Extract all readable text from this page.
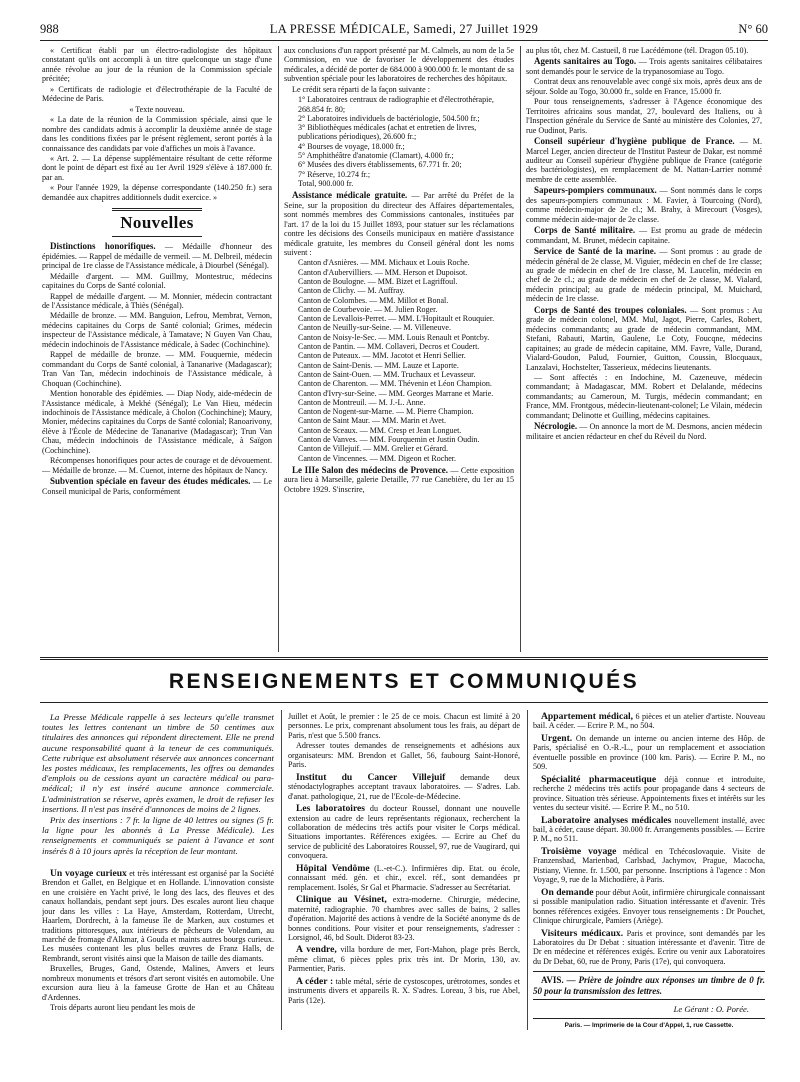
988	LA PRESSE MÉDICALE, Samedi, 27 Juillet 1929	N° 60

« Certificat établi par un électro-radiologiste des hôpitaux constatant qu'ils ont accompli à un titre quelconque un stage d'une année révolue au jour de la réunion de la Commission spéciale précitée;

» Certificats de radiologie et d'électrothérapie de la Faculté de Médecine de Paris.

« Texte nouveau.

« La date de la réunion de la Commission spéciale, ainsi que le nombre des candidats admis à accomplir la deuxième année de stage dans les conditions fixées par le présent règlement, seront portés à la connaissance des candidats par voie d'affiches un mois à l'avance.

« Art. 2. — La dépense supplémentaire résultant de cette réforme dont le point de départ est fixé au 1er Avril 1929 s'élève à 187.000 fr. par an.

« Pour l'année 1929, la dépense correspondante (140.250 fr.) sera demandée aux chapitres additionnels dudit exercice. »

Nouvelles

Distinctions honorifiques. — Médaille d'honneur des épidémies. — Rappel de médaille de vermeil. — M. Delbreil, médecin principal de 1re classe de l'Assistance médicale, à Diourbel (Sénégal).

Médaille d'argent. — MM. Guillmy, Montestruc, médecins capitaines du Corps de Santé colonial.

Rappel de médaille d'argent. — M. Monnier, médecin contractant de l'Assistance médicale, à Thiès (Sénégal).

Médaille de bronze. — MM. Banguion, Lefrou, Membrat, Vernon, médecins capitaines du Corps de Santé colonial; Grimes, médecin inspecteur de l'Assistance médicale, à Tamatave; N Guyen Van Chau, médecin indochinois de l'Assistance médicale, à Sadec (Cochinchine).

Rappel de médaille de bronze. — MM. Fouquernie, médecin commandant du Corps de Santé colonial, à Tananarive (Madagascar); Tran Van Tan, médecin indochinois de l'Assistance médicale, à Choquan (Cochinchine).

Mention honorable des épidémies. — Diap Nody, aide-médecin de l'Assistance médicale, à Mekhé (Sénégal); Le Van Hieu, médecin indochinois de l'Assistance médicale, à Cholon (Cochinchine); Maury, Monier, médecins capitaines du Corps de Santé colonial; Ranoarivony, élève à l'École de Médecine de Tananarive (Madagascar); Trun Van Chau, médecin indochinois de l'Assistance médicale, à Saïgon (Cochinchine).

Récompenses honorifiques pour actes de courage et de dévouement. — Médaille de bronze. — M. Cuenot, interne des hôpitaux de Nancy.

Subvention spéciale en faveur des études médicales. — Le Conseil municipal de Paris, conformément

aux conclusions d'un rapport présenté par M. Calmels, au nom de la 5e Commission, en vue de favoriser le développement des études médicales, a décidé de porter de 684.000 à 900.000 fr. le montant de sa subvention spéciale pour les laboratoires de recherches des hôpitaux.

Le crédit sera réparti de la façon suivante :

1° Laboratoires centraux de radiographie et d'électrothérapie, 268.854 fr. 80;
2° Laboratoires individuels de bactériologie, 504.500 fr.;
3° Bibliothèques médicales (achat et entretien de livres, publications périodiques), 26.600 fr.;
4° Bourses de voyage, 18.000 fr.;
5° Amphithéâtre d'anatomie (Clamart), 4.000 fr.;
6° Musées des divers établissements, 67.771 fr. 20;
7° Réserve, 10.274 fr.;
Total, 900.000 fr.

Assistance médicale gratuite. — Par arrêté du Préfet de la Seine, sur la proposition du directeur des Affaires départementales, sont nommés membres des Commissions cantonales, instituées par l'art. 17 de la loi du 15 Juillet 1893, pour statuer sur les réclamations contre les décisions des Conseils municipaux en matière d'assistance médicale gratuite, les membres du Conseil général dont les noms suivent :

Canton d'Asnières. — MM. Michaux et Louis Roche.
Canton d'Aubervilliers. — MM. Herson et Dupoisot.
Canton de Boulogne. — MM. Bizet et Lagriffoul.
Canton de Clichy. — M. Auffray.
Canton de Colombes. — MM. Millot et Bonal.
Canton de Courbevoie. — M. Julien Roger.
Canton de Levallois-Perret. — MM. L'Hopitault et Rouquier.
Canton de Neuilly-sur-Seine. — M. Villeneuve.
Canton de Noisy-le-Sec. — MM. Louis Renault et Pontcby.
Canton de Pantin. — MM. Collaveri, Decros et Coudert.
Canton de Puteaux. — MM. Jacotot et Henri Sellier.
Canton de Saint-Denis. — MM. Lauze et Laporte.
Canton de Saint-Ouen. — MM. Truchaux et Levasseur.
Canton de Charenton. — MM. Thévenin et Léon Champion.
Canton d'Ivry-sur-Seine. — MM. Georges Marrane et Marie.
Canton de Montreuil. — M. J.-L. Anne.
Canton de Nogent-sur-Marne. — M. Pierre Champion.
Canton de Saint Maur. — MM. Marin et Avet.
Canton de Sceaux. — MM. Cresp et Jean Longuet.
Canton de Vanves. — MM. Fourquemin et Justin Oudin.
Canton de Villejuif. — MM. Grelier et Gérard.
Canton de Vincennes. — MM. Digeon et Rocher.

Le IIIe Salon des médecins de Provence. — Cette exposition aura lieu à Marseille, galerie Detaille, 77 rue Canebière, du 1er au 15 Octobre 1929. S'inscrire,

au plus tôt, chez M. Castueil, 8 rue Lacédémone (tél. Dragon 05.10).

Agents sanitaires au Togo. — Trois agents sanitaires célibataires sont demandés pour le service de la trypanosomiase au Togo.

Contrat deux ans renouvelable avec congé six mois, après deux ans de séjour. Solde au Togo, 30.000 fr., solde en France, 15.000 fr.

Pour tous renseignements, s'adresser à l'Agence économique des Territoires africains sous mandat, 27, boulevard des Italiens, ou à l'Inspection générale du Service de Santé au ministère des Colonies, 27, rue Oudinot, Paris.

Conseil supérieur d'hygiène publique de France. — M. Marcel Leger, ancien directeur de l'Institut Pasteur de Dakar, est nommé auditeur au Conseil supérieur d'hygiène publique de France (catégorie des bactériologistes), en remplacement de M. Nattan-Larrier nommé membre de cette assemblée.

Sapeurs-pompiers communaux. — Sont nommés dans le corps des sapeurs-pompiers communaux : M. Favier, à Tourcoing (Nord), comme médecin-major de 2e cl.; M. Brahy, à Mirecourt (Vosges), comme médecin aide-major de 2e classe.

Corps de Santé militaire. — Est promu au grade de médecin commandant, M. Brunet, médecin capitaine.

Service de Santé de la marine. — Sont promus : au grade de médecin général de 2e classe, M. Viguier, médecin en chef de 1re classe; au grade de médecin en chef de 1re classe, M. Laucelin, médecin en chef de 2e cl.; au grade de médecin en chef de 2e classe, M. Vialard, médecin principal; au grade de médecin principal, M. Muichard, médecin de 1re classe.

Corps de Santé des troupes coloniales. — Sont promus : Au grade de médecin colonel, MM. Mul, Jagot, Pierre, Carles, Robert, médecins commandants; au grade de médecin commandant, MM. Stefani, Rabauti, Martin, Gaulene, Le Coty, Foucqne, médecins capitaines; au grade de médecin capitaine, MM. Favre, Valle, Durand, Vialard-Goudon, Palud, Fournier, Guitton, Coussin, Blocquaux, Lanzalavi, Hochstelter, Tasserieux, médecins lieutenants.

— Sont affectés : en Indochine, M. Cazeneuve, médecin commandant; à Madagascar, MM. Robert et Delalande, médecins commandants; au Cameroun, M. Turgis, médecin commandant; en France, MM. Frontgous, médecin-lieutenant-colonel; Le Vilain, médecin commandant; Delinotte et Guilling, médecins capitaines.

Nécrologie. — On annonce la mort de M. Desmons, ancien médecin militaire et ancien rédacteur en chef du Réveil du Nord.

RENSEIGNEMENTS ET COMMUNIQUÉS

La Presse Médicale rappelle à ses lecteurs qu'elle transmet toutes les lettres contenant un timbre de 50 centimes aux titulaires des annonces qui répondent directement. Elle ne prend aucune responsabilité quant à la teneur de ces communiqués. Cette rubrique est absolument réservée aux annonces concernant les postes médicaux, les remplacements, les offres ou demandes d'emplois ou de cessions ayant un caractère médical ou para-médical; il n'y est inséré aucune annonce commerciale. L'administration se réserve, après examen, le droit de refuser les insertions. Il n'est pas inséré d'annonces de moins de 2 lignes.

Prix des insertions : 7 fr. la ligne de 40 lettres ou signes (5 fr. la ligne pour les abonnés à La Presse Médicale). Les renseignements et communiqués se paient à l'avance et sont insérés 8 à 10 jours après la réception de leur montant.

Un voyage curieux et très intéressant est organisé par la Société Brendon et Gallet, en Belgique et en Hollande. L'innovation consiste en une croisière en Yacht privé, le long des lacs, des fleuves et des canaux hollandais, pendant sept jours. Des escales auront lieu chaque jour dans les villes : La Haye, Amsterdam, Rotterdam, Utrecht, Haarlem, Dordrecht, à la fameuse île de Marken, aux costumes et traditions pittoresques, aux intérieurs de pêcheurs de Volendam, au marché de fromage d'Alkmar, à Gouda et maints autres bourgs curieux. Les musées contenant les plus belles œuvres de Franz Halls, de Rembrandt, seront visités ainsi que la Maison de taille des diamants.

Bruxelles, Bruges, Gand, Ostende, Malines, Anvers et leurs nombreux monuments et trésors d'art seront visités en automobile. Une excursion aura lieu à la fameuse Grotte de Han et au Château d'Ardennes.

Trois départs auront lieu pendant les mois de

Juillet et Août, le premier : le 25 de ce mois. Chacun est limité à 20 personnes. Le prix, comprenant absolument tous les frais, au départ de Paris, n'est que 5.500 francs.

Adresser toutes demandes de renseignements et adhésions aux organisateurs: MM. Brendon et Gallet, 56, faubourg Saint-Honoré, Paris.

Institut du Cancer Villejuif demande deux sténodactylographes acceptant travaux laboratoires. — S'adres. Lab. d'anat. pathologique, 21, rue de l'Ecole-de-Médecine.

Les laboratoires du docteur Roussel, donnant une nouvelle extension au cadre de leurs représentants régionaux, recherchent la collaboration de médecins très actifs pour visiter le Corps médical. Situations importantes. Références exigées. — Ecrire au Chef du service de publicité des Laboratoires Roussel, 97, rue de Vaugirard, qui convoquera.

Hôpital Vendôme (L.-et-C.). Infirmières dip. Etat. ou école, connaissant méd. gén. et chir., excel. réf., sont demandées pr remplacement. Isolés, Sr Gal et Pharmacie. S'adresser au Secrétariat.

Clinique au Vésinet, extra-moderne. Chirurgie, médecine, maternité, radiographie. 70 chambres avec salles de bains, 2 salles d'opération. Majorité des actions à vendre de la Société anonyme ds de bonnes conditions. Pour visiter et pour renseignements, s'adresser : Lorsignol, 46, bd Soult. Diderot 83-23.

A vendre, villa bordure de mer, Fort-Mahon, plage près Berck, même climat, 6 pièces pples prix très int. Dr Morin, 130, av. Parmentier, Paris.

A céder : table métal, série de cystoscopes, urétrotomes, sondes et instruments divers et appareils R. X. S'adres. Loreau, 3 bis, rue Abel, Paris (12e).

Appartement médical, 6 pièces et un atelier d'artiste. Nouveau bail. A céder. — Ecrire P. M., no 504.

Urgent. On demande un interne ou ancien interne des Hôp. de Paris, spécialisé en O.-R.-L., pour un remplacement et association éventuelle possible en province (100 km. Paris). — Ecrire P. M., no 509.

Spécialité pharmaceutique déjà connue et introduite, recherche 2 médecins très actifs pour propagande dans 4 secteurs de province. Situation très sérieuse. Appointements fixes et intérêts sur les ventes du secteur visité. — Ecrire P. M., no 510.

Laboratoire analyses médicales nouvellement installé, avec bail, à céder, cause départ. 30.000 fr. Arrangements possibles. — Ecrire P. M., no 511.

Troisième voyage médical en Tchécoslovaquie. Visite de Franzensbad, Marienbad, Carlsbad, Jachymov, Prague, Macocha, Pistiany, Vienne. fr. 1.500, par personne. Inscriptions à l'agence : Mon Voyage, 9, rue de la Michodière, à Paris.

On demande pour début Août, infirmière chirurgicale connaissant si possible manipulation radio. Situation intéressante et d'avenir. Très bonnes références exigées. Envoyer tous renseignements : Dr Pouchet, Clinique chirurgicale, Pamiers (Ariège).

Visiteurs médicaux. Paris et province, sont demandés par les Laboratoires du Dr Debat : situation intéressante et d'avenir. Titre de Dr en médecine et références exigés. Ecrire ou venir aux Laboratoires du Dr Debat, 60, rue de Prony, Paris (17e), qui convoquera.

AVIS. — Prière de joindre aux réponses un timbre de 0 fr. 50 pour la transmission des lettres.

Le Gérant : O. Porée.
Paris. — Imprimerie de la Cour d'Appel, 1, rue Cassette.
